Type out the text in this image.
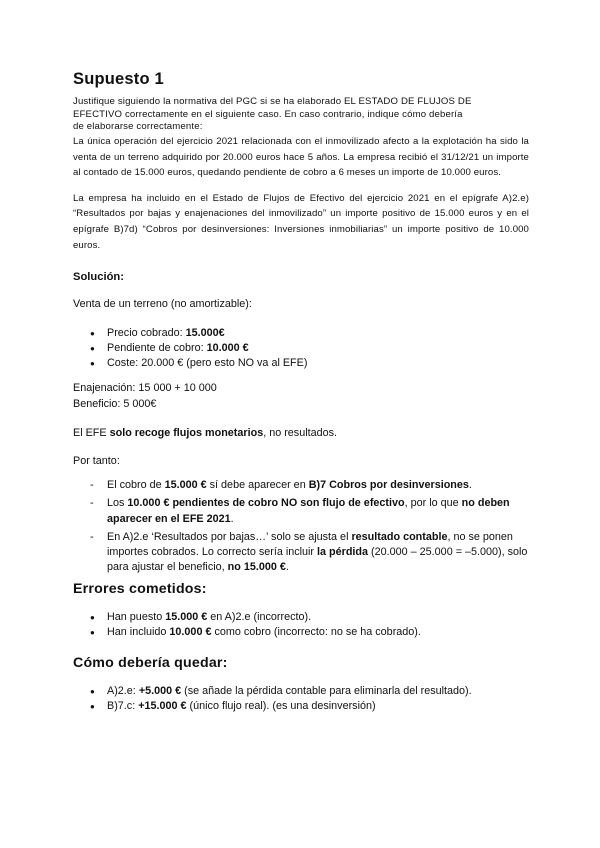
Supuesto 1

Justifique siguiendo la normativa del PGC si se ha elaborado EL ESTADO DE FLUJOS DE

EFECTIVO correctamente en el siguiente caso. En caso contrario, indique cómo debería

de elaborarse correctamente:

La única operación del ejercicio 2021 relacionada con el inmovilizado afecto a la explotación ha sido la venta de un terreno adquirido por 20.000 euros hace 5 años. La empresa recibió el 31/12/21 un importe al contado de 15.000 euros, quedando pendiente de cobro a 6 meses un importe de 10.000 euros.

La empresa ha incluido en el Estado de Flujos de Efectivo del ejercicio 2021 en el epígrafe A)2.e) “Resultados por bajas y enajenaciones del inmovilizado” un importe positivo de 15.000 euros y en el epígrafe B)7d) “Cobros por desinversiones: Inversiones inmobiliarias” un importe positivo de 10.000 euros.

Solución:
Venta de un terreno (no amortizable):
● Precio cobrado: 15.000€
● Pendiente de cobro: 10.000 €
● Coste: 20.000 € (pero esto NO va al EFE)
Enajenación: 15 000 + 10 000
Beneficio: 5 000€
El EFE solo recoge flujos monetarios, no resultados.
Por tanto:
- El cobro de 15.000 € sí debe aparecer en B)7 Cobros por desinversiones.
- Los 10.000 € pendientes de cobro NO son flujo de efectivo, por lo que no deben aparecer en el EFE 2021.
- En A)2.e ‘Resultados por bajas…’ solo se ajusta el resultado contable, no se ponen importes cobrados. Lo correcto sería incluir la pérdida (20.000 – 25.000 = –5.000), solo para ajustar el beneficio, no 15.000 €.
Errores cometidos:
● Han puesto 15.000 € en A)2.e (incorrecto).
● Han incluido 10.000 € como cobro (incorrecto: no se ha cobrado).
Cómo debería quedar:
● A)2.e: +5.000 € (se añade la pérdida contable para eliminarla del resultado).
● B)7.c: +15.000 € (único flujo real). (es una desinversión)
